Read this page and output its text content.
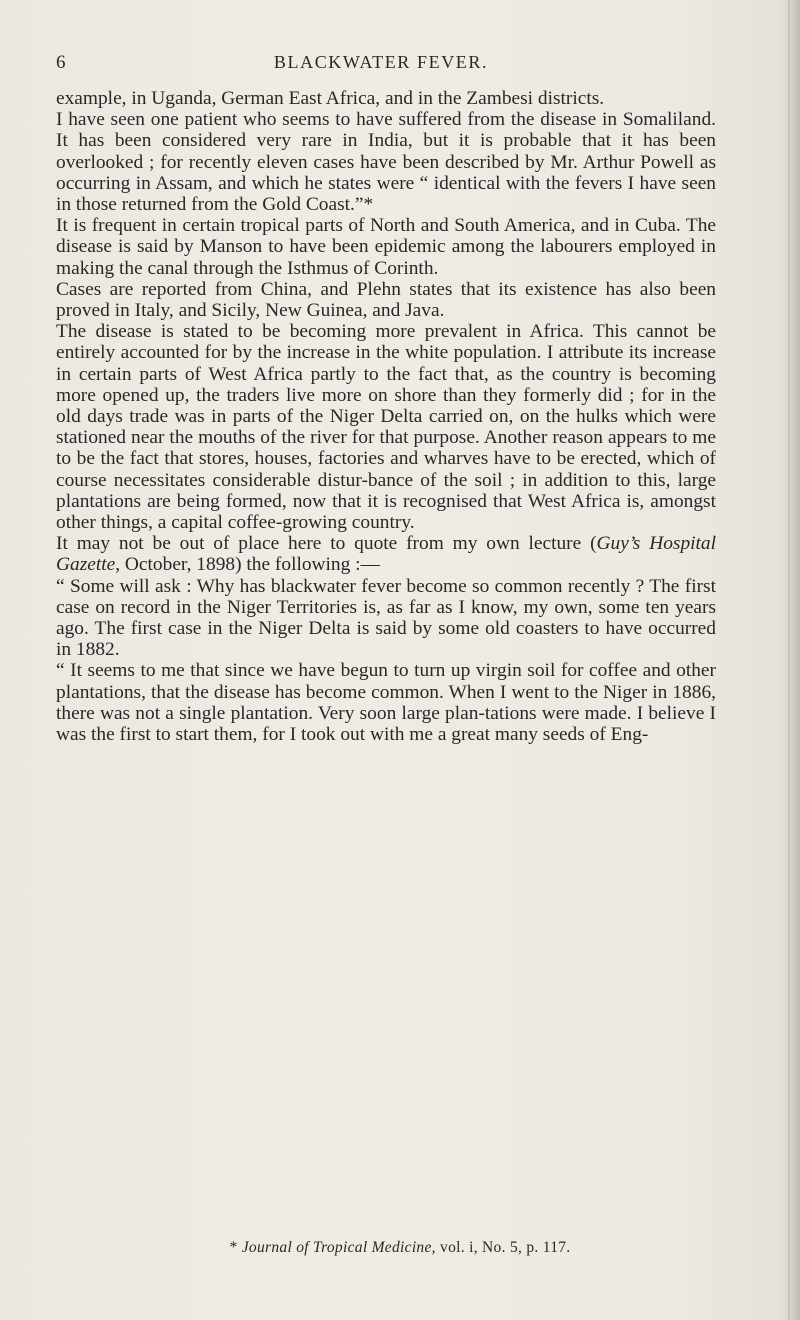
6	BLACKWATER FEVER.

example, in Uganda, German East Africa, and in the Zambesi districts.

I have seen one patient who seems to have suffered from the disease in Somaliland. It has been considered very rare in India, but it is probable that it has been overlooked ; for recently eleven cases have been described by Mr. Arthur Powell as occurring in Assam, and which he states were “ identical with the fevers I have seen in those returned from the Gold Coast.”*

It is frequent in certain tropical parts of North and South America, and in Cuba. The disease is said by Manson to have been epidemic among the labourers employed in making the canal through the Isthmus of Corinth.

Cases are reported from China, and Plehn states that its existence has also been proved in Italy, and Sicily, New Guinea, and Java.

The disease is stated to be becoming more prevalent in Africa. This cannot be entirely accounted for by the increase in the white population. I attribute its increase in certain parts of West Africa partly to the fact that, as the country is becoming more opened up, the traders live more on shore than they formerly did ; for in the old days trade was in parts of the Niger Delta carried on, on the hulks which were stationed near the mouths of the river for that purpose. Another reason appears to me to be the fact that stores, houses, factories and wharves have to be erected, which of course necessitates considerable distur-bance of the soil ; in addition to this, large plantations are being formed, now that it is recognised that West Africa is, amongst other things, a capital coffee-growing country.

It may not be out of place here to quote from my own lecture (Guy’s Hospital Gazette, October, 1898) the following :—

“ Some will ask : Why has blackwater fever become so common recently ? The first case on record in the Niger Territories is, as far as I know, my own, some ten years ago. The first case in the Niger Delta is said by some old coasters to have occurred in 1882.

“ It seems to me that since we have begun to turn up virgin soil for coffee and other plantations, that the disease has become common. When I went to the Niger in 1886, there was not a single plantation. Very soon large plan-tations were made. I believe I was the first to start them, for I took out with me a great many seeds of Eng-

* Journal of Tropical Medicine, vol. i, No. 5, p. 117.
